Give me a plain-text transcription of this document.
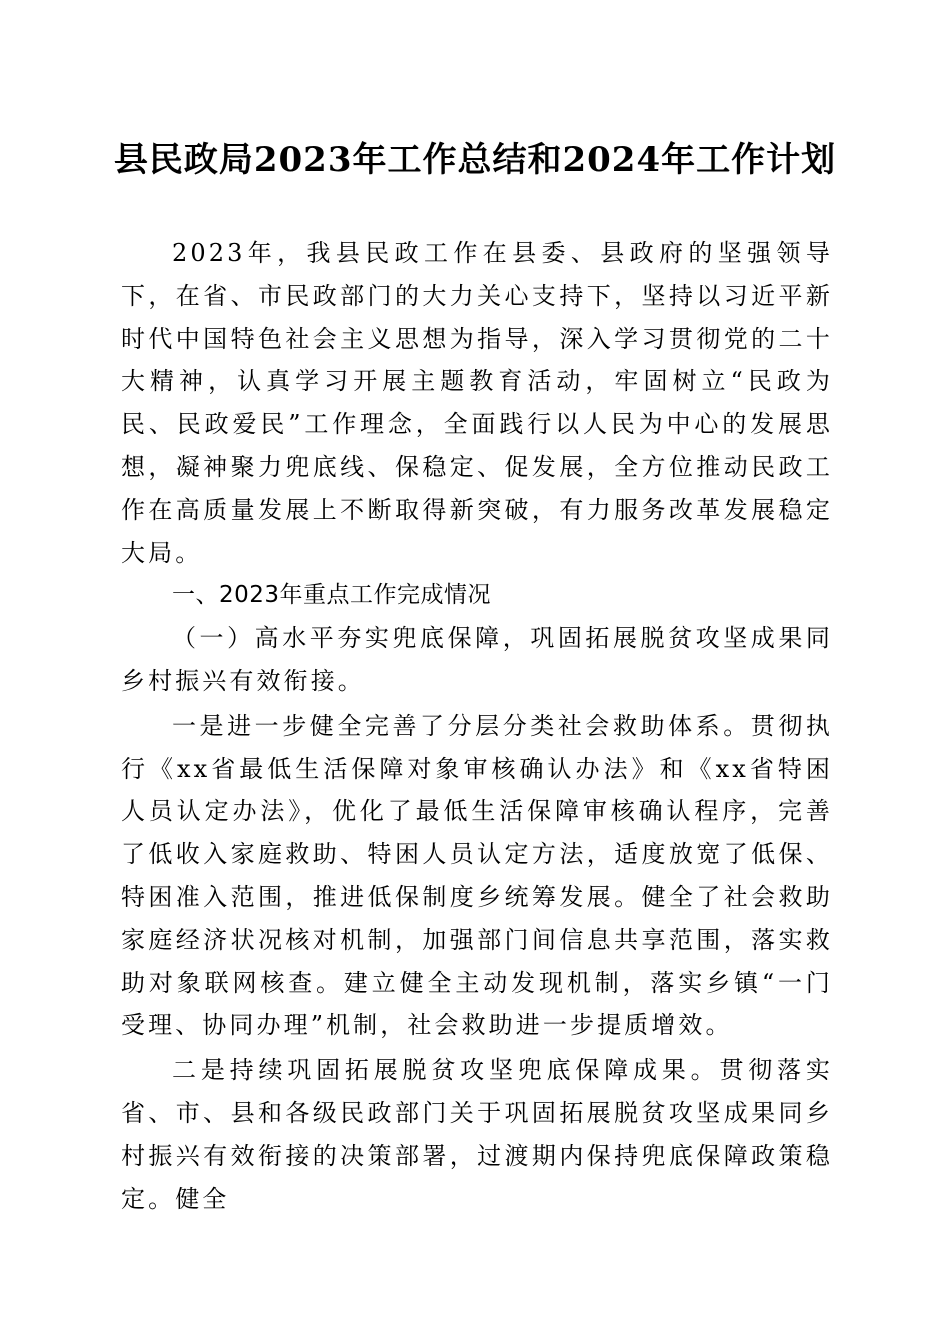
县民政局2023年工作总结和2024年工作计划

2023年，我县民政工作在县委、县政府的坚强领导下，在省、市民政部门的大力关心支持下，坚持以习近平新时代中国特色社会主义思想为指导，深入学习贯彻党的二十大精神，认真学习开展主题教育活动，牢固树立“民政为民、民政爱民”工作理念，全面践行以人民为中心的发展思想，凝神聚力兜底线、保稳定、促发展，全方位推动民政工作在高质量发展上不断取得新突破，有力服务改革发展稳定大局。

一、2023年重点工作完成情况

（一）高水平夯实兜底保障，巩固拓展脱贫攻坚成果同乡村振兴有效衔接。

一是进一步健全完善了分层分类社会救助体系。贯彻执行《xx省最低生活保障对象审核确认办法》和《xx省特困人员认定办法》，优化了最低生活保障审核确认程序，完善了低收入家庭救助、特困人员认定方法，适度放宽了低保、特困准入范围，推进低保制度乡统筹发展。健全了社会救助家庭经济状况核对机制，加强部门间信息共享范围，落实救助对象联网核查。建立健全主动发现机制，落实乡镇“一门受理、协同办理”机制，社会救助进一步提质增效。

二是持续巩固拓展脱贫攻坚兜底保障成果。贯彻落实省、市、县和各级民政部门关于巩固拓展脱贫攻坚成果同乡村振兴有效衔接的决策部署，过渡期内保持兜底保障政策稳定。健全
